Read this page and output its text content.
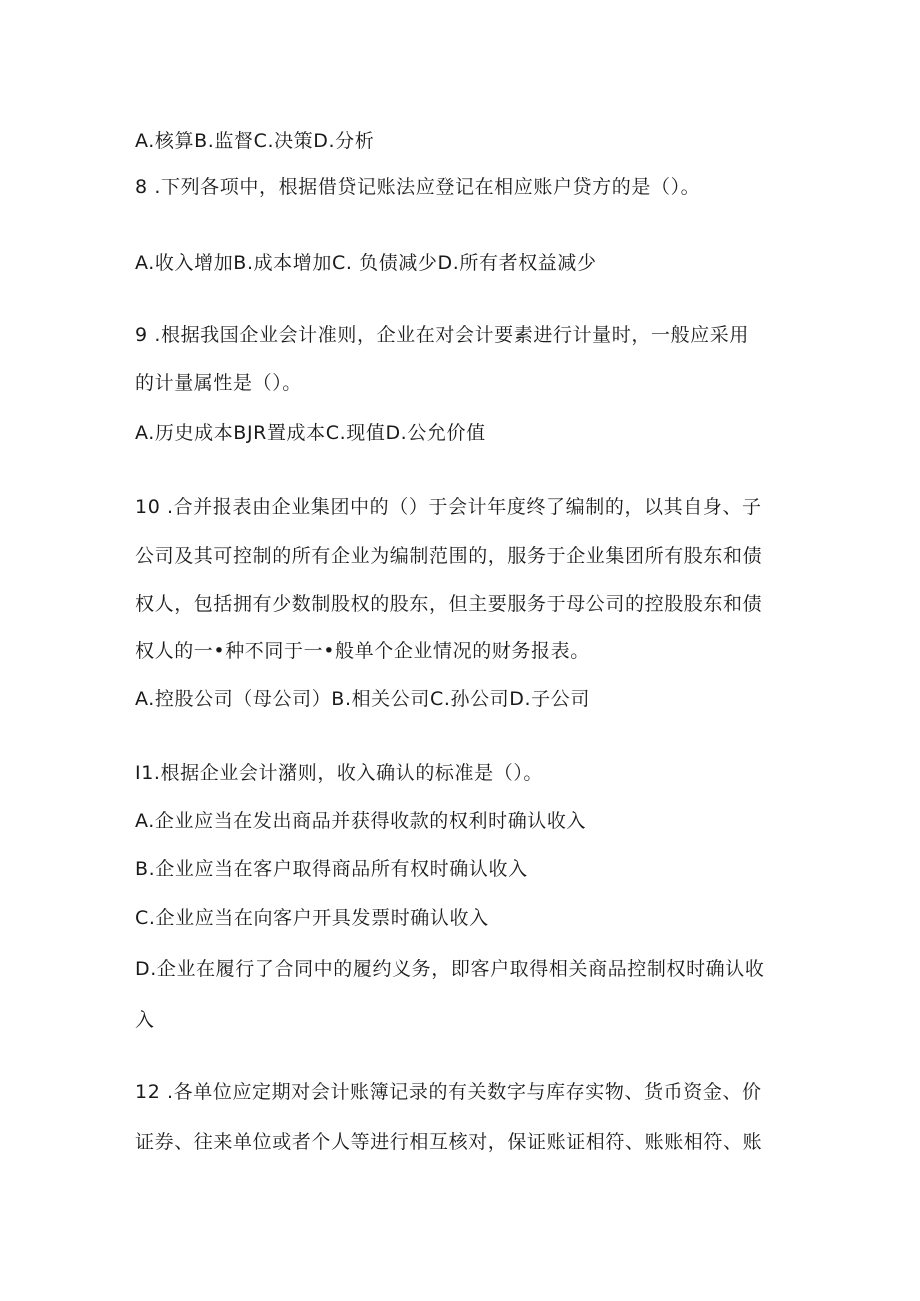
A.核算B.监督C.决策D.分析
8 .下列各项中，根据借贷记账法应登记在相应账户贷方的是（）。
A.收入增加B.成本增加C. 负债减少D.所有者权益减少
9 .根据我国企业会计准则，企业在对会计要素进行计量时，一般应采用
的计量属性是（）。
A.历史成本BJR置成本C.现值D.公允价值
10 .合并报表由企业集团中的（）于会计年度终了编制的，以其自身、子
公司及其可控制的所有企业为编制范围的，服务于企业集团所有股东和债
权人，包括拥有少数制股权的股东，但主要服务于母公司的控股股东和债
权人的一•种不同于一•般单个企业情况的财务报表。
A.控股公司（母公司）B.相关公司C.孙公司D.子公司
I1.根据企业会计潴则，收入确认的标准是（）。
A.企业应当在发出商品并获得收款的权利时确认收入
B.企业应当在客户取得商品所有权时确认收入
C.企业应当在向客户开具发票时确认收入
D.企业在履行了合同中的履约义务，即客户取得相关商品控制权时确认收
入
12 .各单位应定期对会计账簿记录的有关数字与库存实物、货币资金、价
证券、往来单位或者个人等进行相互核对，保证账证相符、账账相符、账
